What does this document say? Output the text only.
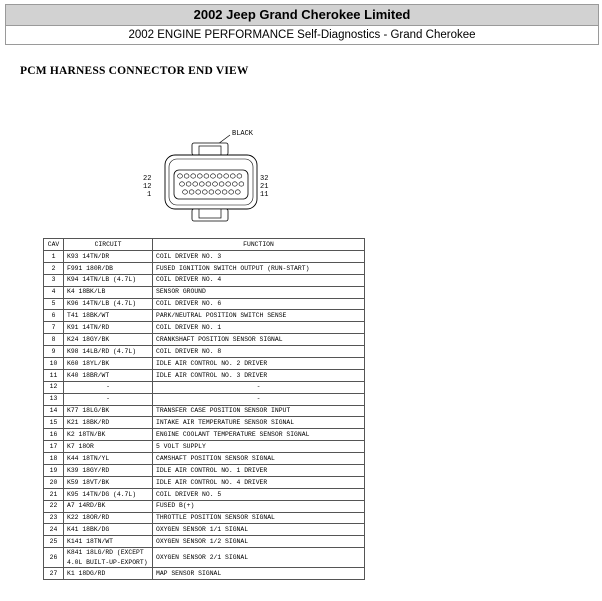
2002 Jeep Grand Cherokee Limited
2002 ENGINE PERFORMANCE Self-Diagnostics - Grand Cherokee
PCM HARNESS CONNECTOR END VIEW
BLACK
22
12
1
32
21
11
CAV	CIRCUIT	FUNCTION
1	K93 14TN/DR	COIL DRIVER NO. 3
2	F991 180R/DB	FUSED IGNITION SWITCH OUTPUT (RUN-START)
3	K94 14TN/LB (4.7L)	COIL DRIVER NO. 4
4	K4 18BK/LB	SENSOR GROUND
5	K96 14TN/LB (4.7L)	COIL DRIVER NO. 6
6	T41 18BK/WT	PARK/NEUTRAL POSITION SWITCH SENSE
7	K91 14TN/RD	COIL DRIVER NO. 1
8	K24 18GY/BK	CRANKSHAFT POSITION SENSOR SIGNAL
9	K98 14LB/RD (4.7L)	COIL DRIVER NO. 8
10	K60 18YL/BK	IDLE AIR CONTROL NO. 2 DRIVER
11	K40 18BR/WT	IDLE AIR CONTROL NO. 3 DRIVER
12	-	-
13	-	-
14	K77 18LG/BK	TRANSFER CASE POSITION SENSOR INPUT
15	K21 18BK/RD	INTAKE AIR TEMPERATURE SENSOR SIGNAL
16	K2 18TN/BK	ENGINE COOLANT TEMPERATURE SENSOR SIGNAL
17	K7 18OR	5 VOLT SUPPLY
18	K44 18TN/YL	CAMSHAFT POSITION SENSOR SIGNAL
19	K39 18GY/RD	IDLE AIR CONTROL NO. 1 DRIVER
20	K59 18VT/BK	IDLE AIR CONTROL NO. 4 DRIVER
21	K95 14TN/DG (4.7L)	COIL DRIVER NO. 5
22	A7 14RD/BK	FUSED B(+)
23	K22 18OR/RD	THROTTLE POSITION SENSOR SIGNAL
24	K41 18BK/DG	OXYGEN SENSOR 1/1 SIGNAL
25	K141 18TN/WT	OXYGEN SENSOR 1/2 SIGNAL
26	K841 18LG/RD (EXCEPT 4.0L BUILT-UP-EXPORT)	OXYGEN SENSOR 2/1 SIGNAL
27	K1 18DG/RD	MAP SENSOR SIGNAL
